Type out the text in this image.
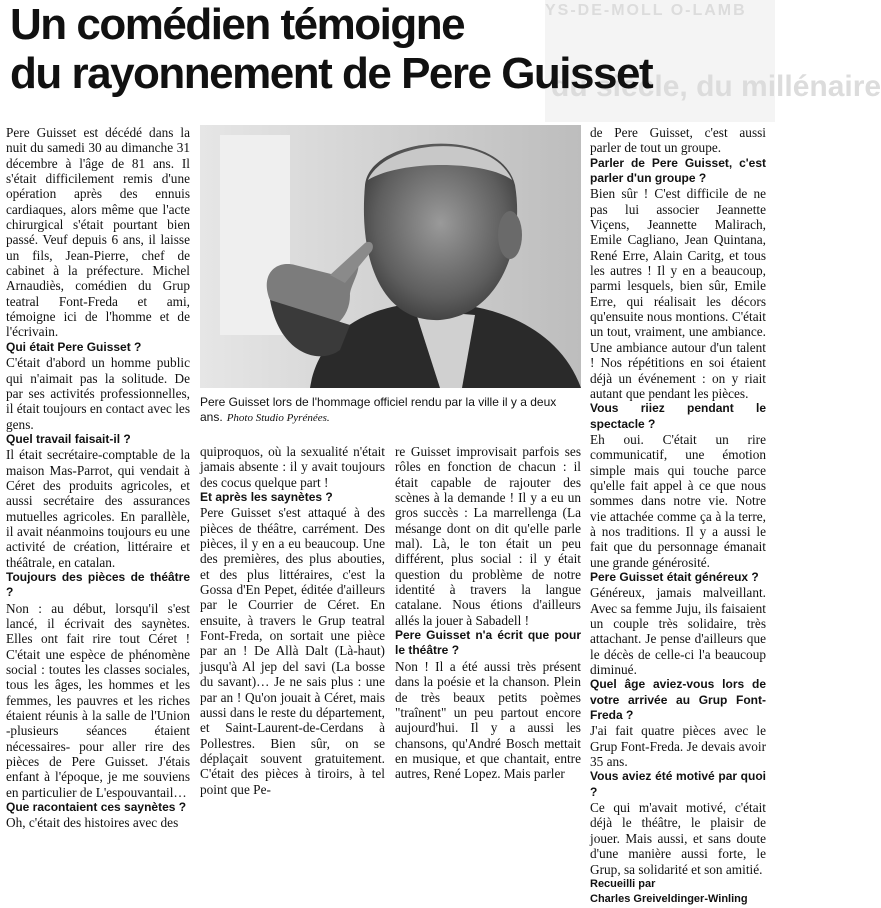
YS-DE-MOLL O-LAMB
du siècle, du millénaire
Un comédien témoigne
du rayonnement de Pere Guisset

Pere Guisset est décédé dans la nuit du samedi 30 au dimanche 31 décembre à l'âge de 81 ans. Il s'était difficilement remis d'une opération après des ennuis cardiaques, alors même que l'acte chirurgical s'était pourtant bien passé. Veuf depuis 6 ans, il laisse un fils, Jean-Pierre, chef de cabinet à la préfecture. Michel Arnaudiès, comédien du Grup teatral Font-Freda et ami, témoigne ici de l'homme et de l'écrivain.

Qui était Pere Guisset ?

C'était d'abord un homme public qui n'aimait pas la solitude. De par ses activités professionnelles, il était toujours en contact avec les gens.

Quel travail faisait-il ?

Il était secrétaire-comptable de la maison Mas-Parrot, qui vendait à Céret des produits agricoles, et aussi secrétaire des assurances mutuelles agricoles. En parallèle, il avait néanmoins toujours eu une activité de création, littéraire et théâtrale, en catalan.

Toujours des pièces de théâtre ?

Non : au début, lorsqu'il s'est lancé, il écrivait des saynètes. Elles ont fait rire tout Céret ! C'était une espèce de phénomène social : toutes les classes sociales, tous les âges, les hommes et les femmes, les pauvres et les riches étaient réunis à la salle de l'Union -plusieurs séances étaient nécessaires- pour aller rire des pièces de Pere Guisset. J'étais enfant à l'époque, je me souviens en particulier de L'espouvantail…

Que racontaient ces saynètes ?

Oh, c'était des histoires avec des

Pere Guisset lors de l'hommage officiel rendu par la ville il y a deux ans. Photo Studio Pyrénées.

quiproquos, où la sexualité n'était jamais absente : il y avait toujours des cocus quelque part !

Et après les saynètes ?

Pere Guisset s'est attaqué à des pièces de théâtre, carrément. Des pièces, il y en a eu beaucoup. Une des premières, des plus abouties, et des plus littéraires, c'est la Gossa d'En Pepet, éditée d'ailleurs par le Courrier de Céret. En ensuite, à travers le Grup teatral Font-Freda, on sortait une pièce par an ! De Allà Dalt (Là-haut) jusqu'à Al jep del savi (La bosse du savant)… Je ne sais plus : une par an ! Qu'on jouait à Céret, mais aussi dans le reste du département, et Saint-Laurent-de-Cerdans à Pollestres. Bien sûr, on se déplaçait souvent gratuitement. C'était des pièces à tiroirs, à tel point que Pe-

re Guisset improvisait parfois ses rôles en fonction de chacun : il était capable de rajouter des scènes à la demande ! Il y a eu un gros succès : La marrellenga (La mésange dont on dit qu'elle parle mal). Là, le ton était un peu différent, plus social : il y était question du problème de notre identité à travers la langue catalane. Nous étions d'ailleurs allés la jouer à Sabadell !

Pere Guisset n'a écrit que pour le théâtre ?

Non ! Il a été aussi très présent dans la poésie et la chanson. Plein de très beaux petits poèmes "traînent" un peu partout encore aujourd'hui. Il y a aussi les chansons, qu'André Bosch mettait en musique, et que chantait, entre autres, René Lopez. Mais parler

de Pere Guisset, c'est aussi parler de tout un groupe.

Parler de Pere Guisset, c'est parler d'un groupe ?

Bien sûr ! C'est difficile de ne pas lui associer Jeannette Viçens, Jeannette Malirach, Emile Cagliano, Jean Quintana, René Erre, Alain Caritg, et tous les autres ! Il y en a beaucoup, parmi lesquels, bien sûr, Emile Erre, qui réalisait les décors qu'ensuite nous montions. C'était un tout, vraiment, une ambiance. Une ambiance autour d'un talent ! Nos répétitions en soi étaient déjà un événement : on y riait autant que pendant les pièces.

Vous riiez pendant le spectacle ?

Eh oui. C'était un rire communicatif, une émotion simple mais qui touche parce qu'elle fait appel à ce que nous sommes dans notre vie. Notre vie attachée comme ça à la terre, à nos traditions. Il y a aussi le fait que du personnage émanait une grande générosité.

Pere Guisset était généreux ?

Généreux, jamais malveillant. Avec sa femme Juju, ils faisaient un couple très solidaire, très attachant. Je pense d'ailleurs que le décès de celle-ci l'a beaucoup diminué.

Quel âge aviez-vous lors de votre arrivée au Grup Font-Freda ?

J'ai fait quatre pièces avec le Grup Font-Freda. Je devais avoir 35 ans.

Vous aviez été motivé par quoi ?

Ce qui m'avait motivé, c'était déjà le théâtre, le plaisir de jouer. Mais aussi, et sans doute d'une manière aussi forte, le Grup, sa solidarité et son amitié.

Recueilli par

Charles Greiveldinger-Winling
